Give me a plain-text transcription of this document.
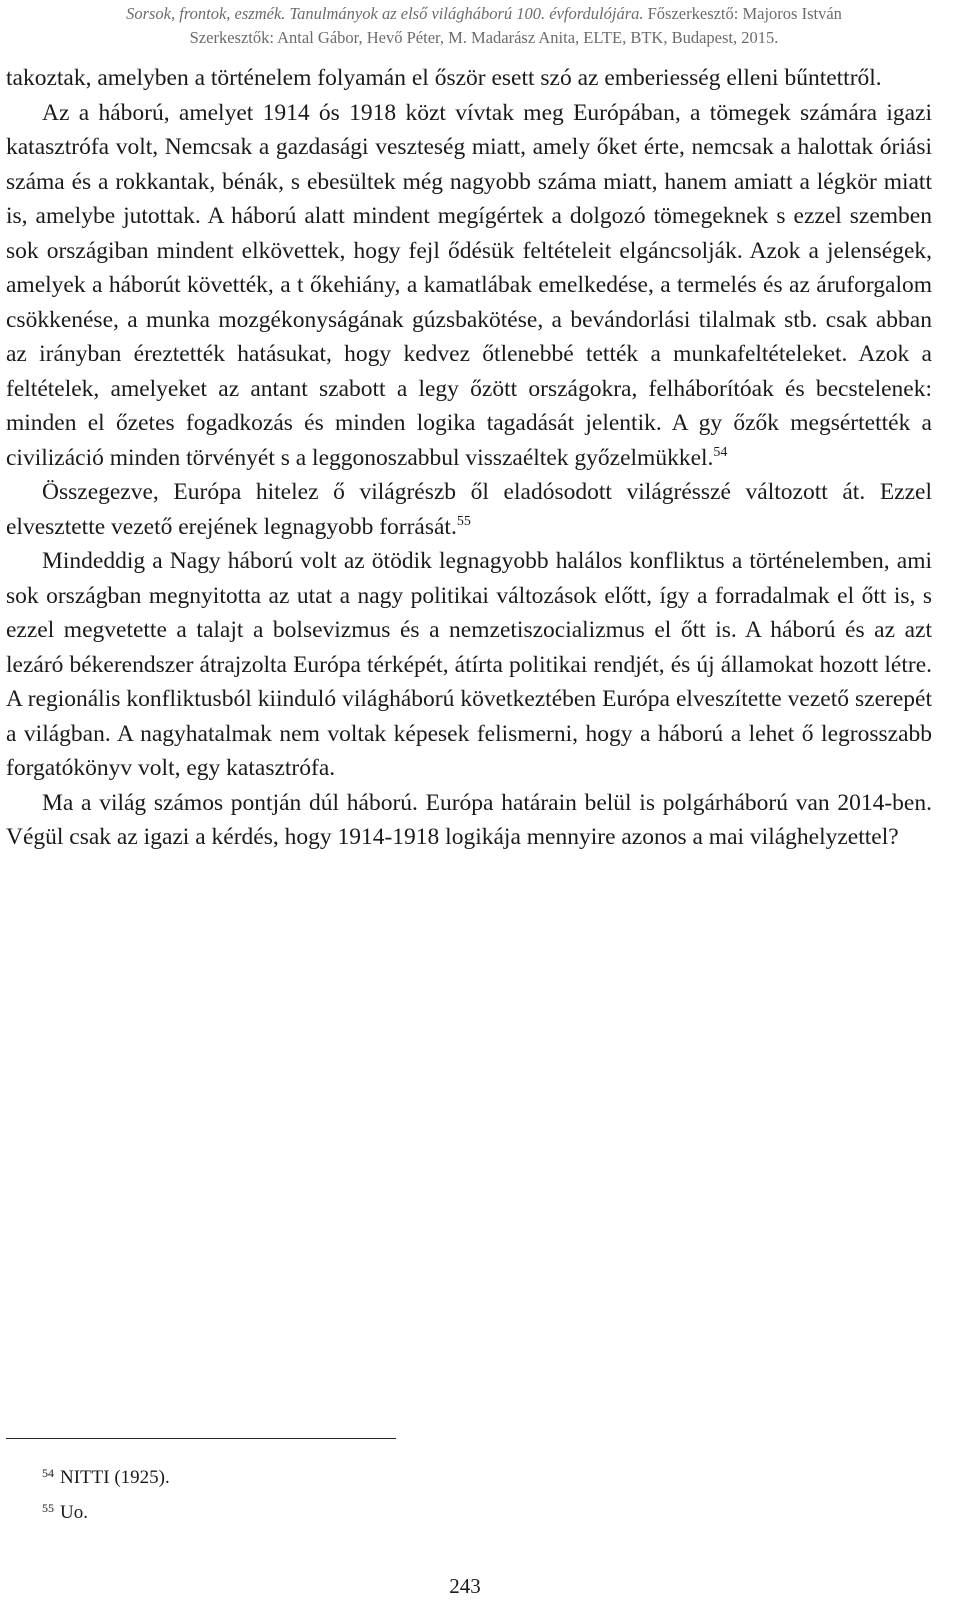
Sorsok, frontok, eszmék. Tanulmányok az első világháború 100. évfordulójára. Főszerkesztő: Majoros István
Szerkesztők: Antal Gábor, Hevő Péter, M. Madarász Anita, ELTE, BTK, Budapest, 2015.

takoztak, amelyben a történelem folyamán el őször esett szó az emberiesség elleni bűntettről.

Az a háború, amelyet 1914 ós 1918 közt vívtak meg Európában, a tömegek számára igazi katasztrófa volt, Nemcsak a gazdasági veszteség miatt, amely őket érte, nemcsak a halottak óriási száma és a rokkantak, bénák, s ebesültek még nagyobb száma miatt, hanem amiatt a légkör miatt is, amelybe jutottak. A háború alatt mindent megígértek a dolgozó tömegeknek s ezzel szemben sok országiban mindent elkövettek, hogy fejl ődésük feltételeit elgáncsolják. Azok a jelenségek, amelyek a háborút követték, a t őkehiány, a kamatlábak emelkedése, a termelés és az áruforgalom csökkenése, a munka mozgékonyságának gúzsbakötése, a bevándorlási tilalmak stb. csak abban az irányban éreztették hatásukat, hogy kedvez őtlenebbé tették a munkafeltételeket. Azok a feltételek, amelyeket az antant szabott a legy őzött országokra, felháborítóak és becstelenek: minden el őzetes fogadkozás és minden logika tagadását jelentik. A gy őzők megsértették a civilizáció minden törvényét s a leggonoszabbul visszaéltek győzelmükkel.$^{54}$

Összegezve, Európa hitelez ő világrészb ől eladósodott világrésszé változott át. Ezzel elvesztette vezető erejének legnagyobb forrását.$^{55}$

Mindeddig a Nagy háború volt az ötödik legnagyobb halálos konfliktus a történelemben, ami sok országban megnyitotta az utat a nagy politikai változások előtt, így a forradalmak el őtt is, s ezzel megvetette a talajt a bolsevizmus és a nemzetiszocializmus el őtt is. A háború és az azt lezáró békerendszer átrajzolta Európa térképét, átírta politikai rendjét, és új államokat hozott létre. A regionális konfliktusból kiinduló világháború következtében Európa elveszítette vezető szerepét a világban. A nagyhatalmak nem voltak képesek felismerni, hogy a háború a lehet ő legrosszabb forgatókönyv volt, egy katasztrófa.

Ma a világ számos pontján dúl háború. Európa határain belül is polgárháború van 2014-ben. Végül csak az igazi a kérdés, hogy 1914-1918 logikája mennyire azonos a mai világhelyzettel?

$^{54}$ NITTI (1925).
$^{55}$ Uo.
243
